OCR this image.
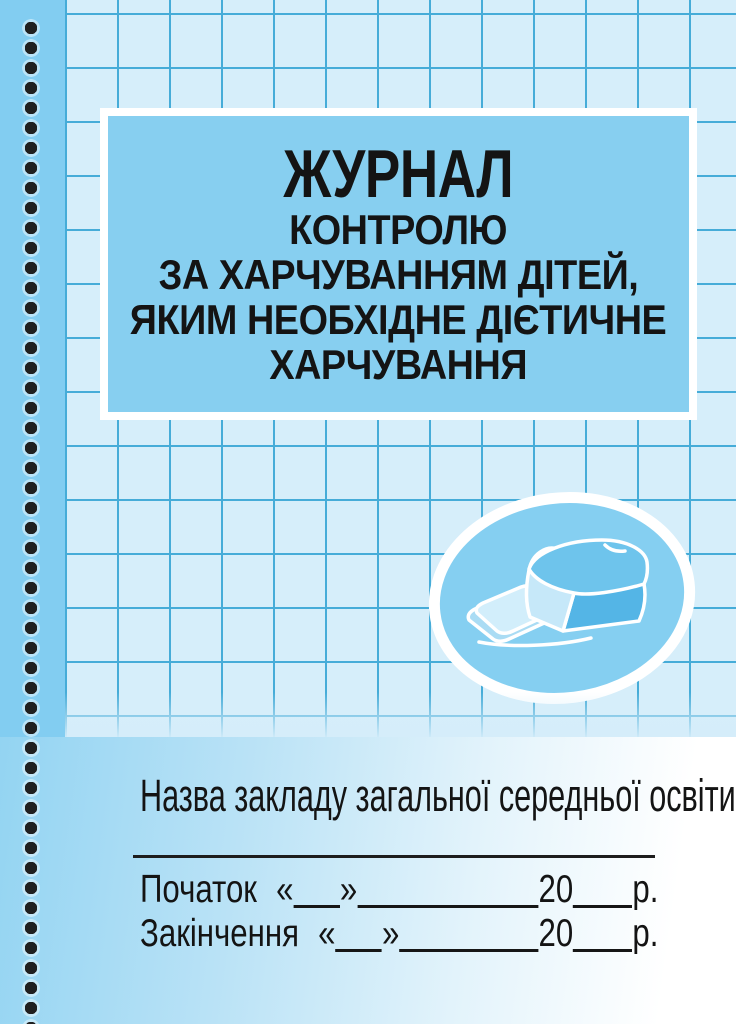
ЖУРНАЛ
КОНТРОЛЮ
ЗА ХАРЧУВАННЯМ ДІТЕЙ,
ЯКИМ НЕОБХІДНЕ ДІЄТИЧНЕ
ХАРЧУВАННЯ
Назва закладу загальної середньої освіти
Початок « »	20 р.
Закінчення « »	20 р.
